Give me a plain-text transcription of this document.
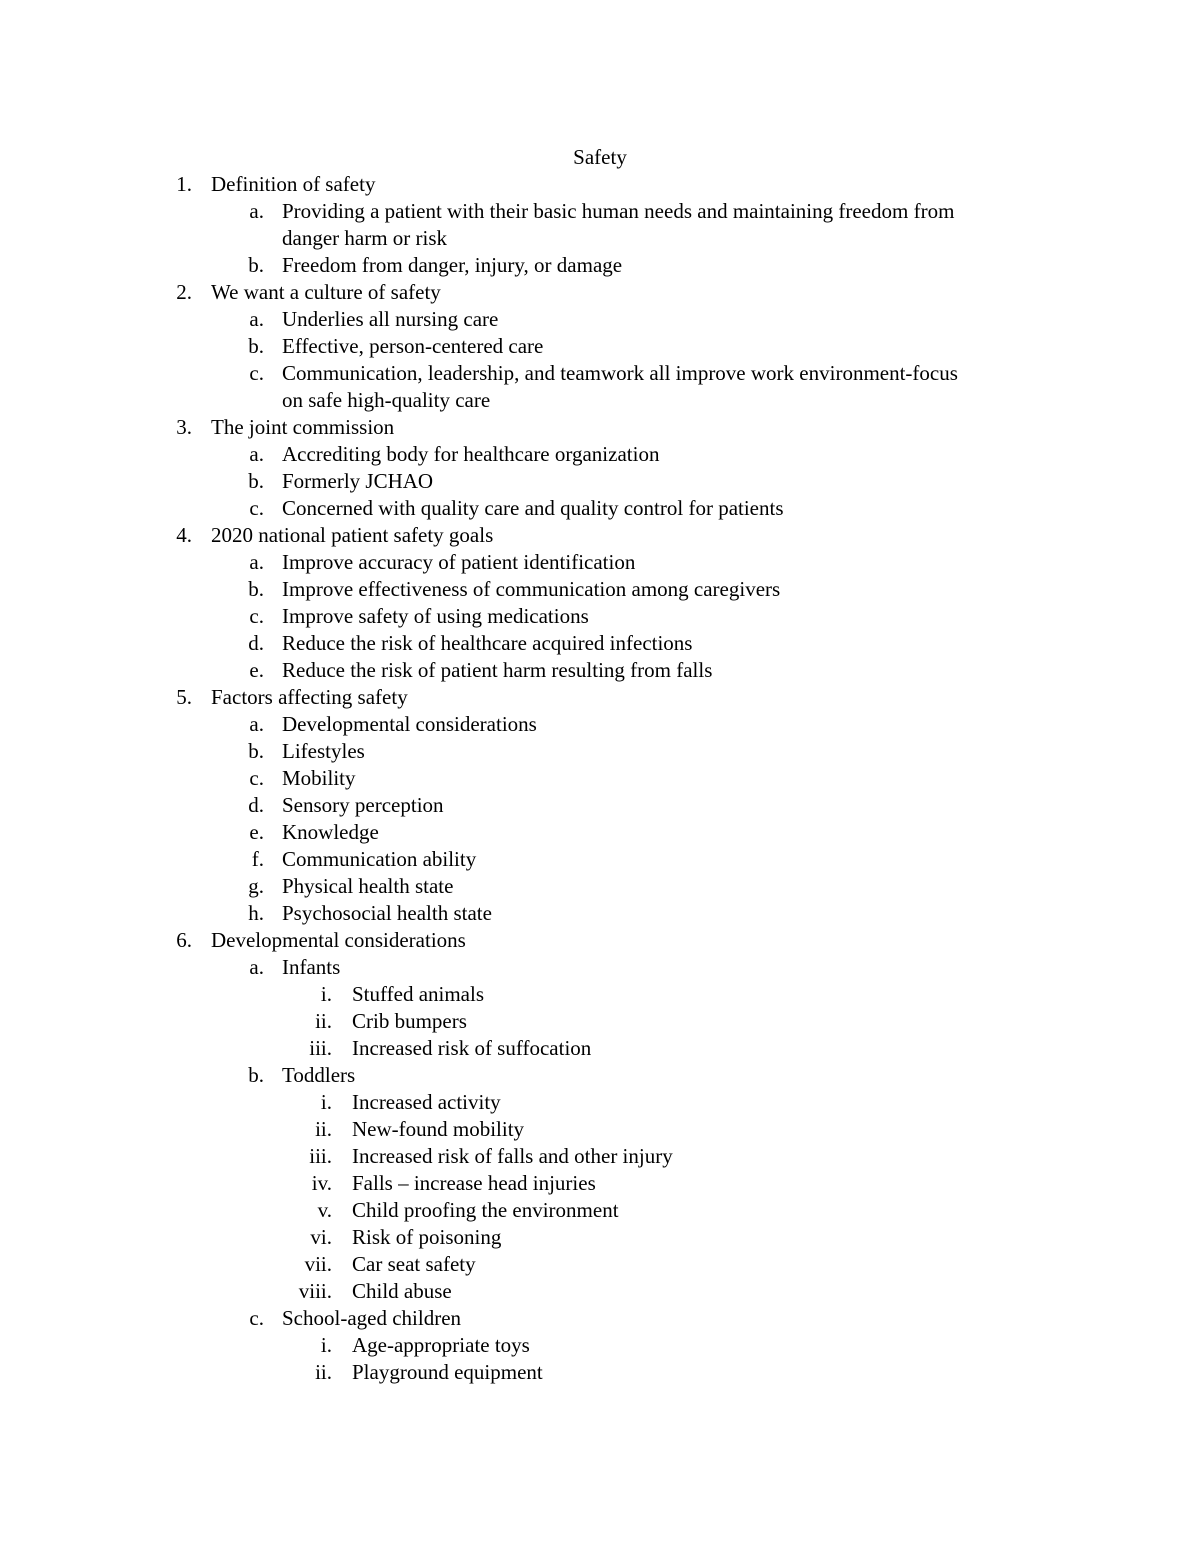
Safety
1. Definition of safety
a. Providing a patient with their basic human needs and maintaining freedom from
danger harm or risk
b. Freedom from danger, injury, or damage
2. We want a culture of safety
a. Underlies all nursing care
b. Effective, person-centered care
c. Communication, leadership, and teamwork all improve work environment-focus
on safe high-quality care
3. The joint commission
a. Accrediting body for healthcare organization
b. Formerly JCHAO
c. Concerned with quality care and quality control for patients
4. 2020 national patient safety goals
a. Improve accuracy of patient identification
b. Improve effectiveness of communication among caregivers
c. Improve safety of using medications
d. Reduce the risk of healthcare acquired infections
e. Reduce the risk of patient harm resulting from falls
5. Factors affecting safety
a. Developmental considerations
b. Lifestyles
c. Mobility
d. Sensory perception
e. Knowledge
f. Communication ability
g. Physical health state
h. Psychosocial health state
6. Developmental considerations
a. Infants
i. Stuffed animals
ii. Crib bumpers
iii. Increased risk of suffocation
b. Toddlers
i. Increased activity
ii. New-found mobility
iii. Increased risk of falls and other injury
iv. Falls – increase head injuries
v. Child proofing the environment
vi. Risk of poisoning
vii. Car seat safety
viii. Child abuse
c. School-aged children
i. Age-appropriate toys
ii. Playground equipment
